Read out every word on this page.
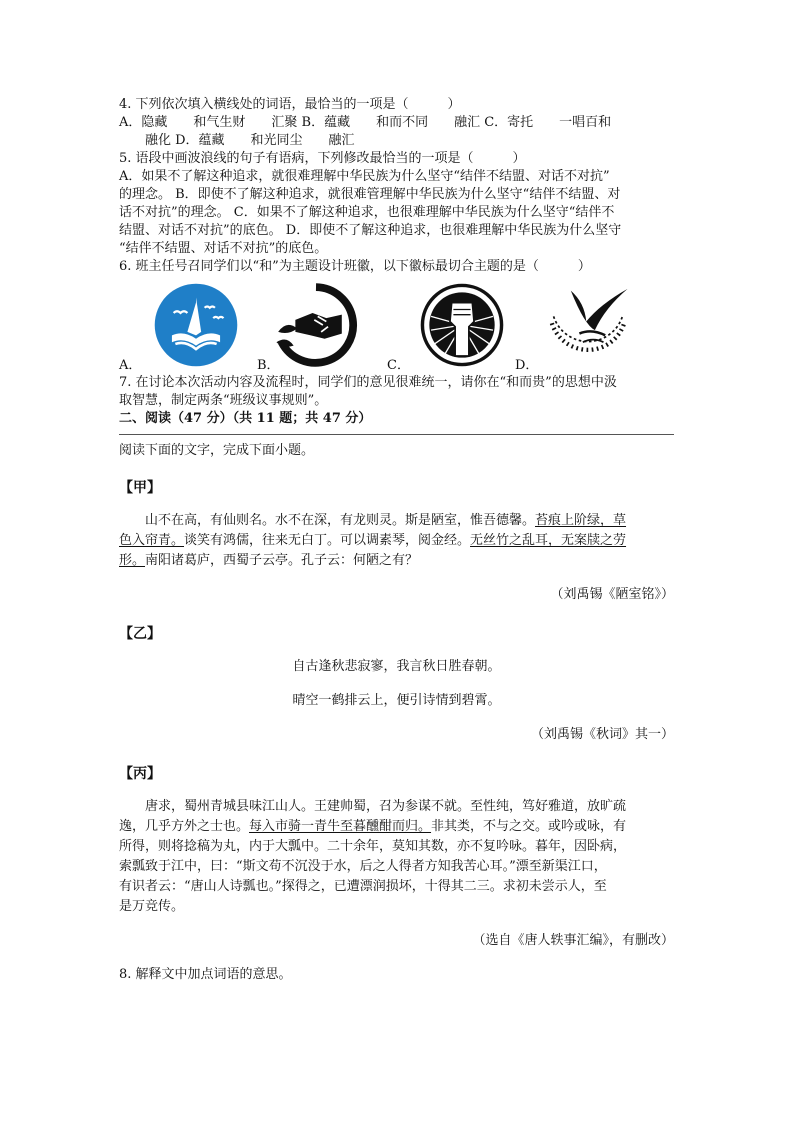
4. 下列依次填入横线处的词语，最恰当的一项是（　　　）

A．隐藏　　和气生财　　汇聚 B．蕴藏　　和而不同　　融汇 C．寄托　　一唱百和

融化 D．蕴藏　　和光同尘　　融汇

5. 语段中画波浪线的句子有语病，下列修改最恰当的一项是（　　　）

A．如果不了解这种追求，就很难理解中华民族为什么坚守“结伴不结盟、对话不对抗”

的理念。 B．即使不了解这种追求，就很难管理解中华民族为什么坚守“结伴不结盟、对

话不对抗”的理念。 C．如果不了解这种追求，也很难理解中华民族为什么坚守“结伴不

结盟、对话不对抗”的底色。 D．即使不了解这种追求，也很难理解中华民族为什么坚守

“结伴不结盟、对话不对抗”的底色。

6. 班主任号召同学们以“和”为主题设计班徽，以下徽标最切合主题的是（　　　）

A．	B．	C．	D．

7. 在讨论本次活动内容及流程时，同学们的意见很难统一，请你在“和而贵”的思想中汲

取智慧，制定两条“班级议事规则”。

二、阅读（47 分）（共 11 题；共 47 分）

阅读下面的文字，完成下面小题。

【甲】

山不在高，有仙则名。水不在深，有龙则灵。斯是陋室，惟吾德馨。苔痕上阶绿，草

色入帘青。谈笑有鸿儒，往来无白丁。可以调素琴，阅金经。无丝竹之乱耳，无案牍之劳

形。南阳诸葛庐，西蜀子云亭。孔子云：何陋之有？

（刘禹锡《陋室铭》）

【乙】

自古逢秋悲寂寥，我言秋日胜春朝。

晴空一鹤排云上，便引诗情到碧霄。

（刘禹锡《秋词》其一）

【丙】

唐求，蜀州青城县味江山人。王建帅蜀，召为参谋不就。至性纯，笃好雅道，放旷疏

逸，几乎方外之士也。每入市骑一青牛至暮醺酣而归。非其类，不与之交。或吟或咏，有

所得，则将捻稿为丸，内于大瓢中。二十余年，莫知其数，亦不复吟咏。暮年，因卧病，

索瓢致于江中，曰：“斯文苟不沉没于水，后之人得者方知我苦心耳。”漂至新渠江口，

有识者云：“唐山人诗瓢也。”探得之，已遭漂润损坏，十得其二三。求初未尝示人，至

是万竞传。

（选自《唐人轶事汇编》，有删改）

8. 解释文中加点词语的意思。
